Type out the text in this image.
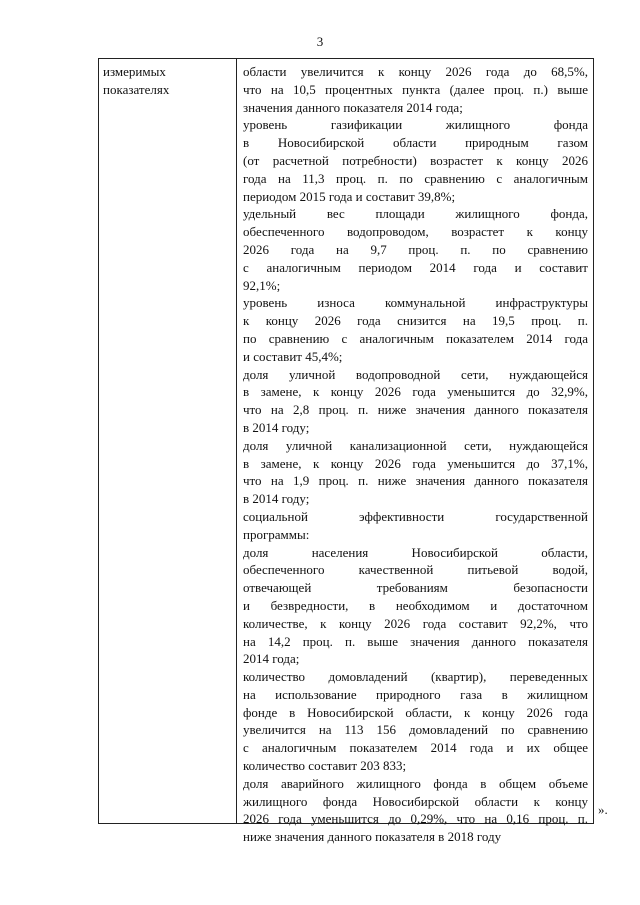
3
измеримых
показателях
области увеличится к концу 2026 года до 68,5%,
что на 10,5 процентных пункта (далее проц. п.) выше
значения данного показателя 2014 года;
уровень газификации жилищного фонда
в Новосибирской области природным газом
(от расчетной потребности) возрастет к концу 2026
года на 11,3 проц. п. по сравнению с аналогичным
периодом 2015 года и составит 39,8%;
удельный вес площади жилищного фонда,
обеспеченного водопроводом, возрастет к концу
2026 года на 9,7 проц. п. по сравнению
с аналогичным периодом 2014 года и составит
92,1%;
уровень износа коммунальной инфраструктуры
к концу 2026 года снизится на 19,5 проц. п.
по сравнению с аналогичным показателем 2014 года
и составит 45,4%;
доля уличной водопроводной сети, нуждающейся
в замене, к концу 2026 года уменьшится до 32,9%,
что на 2,8 проц. п. ниже значения данного показателя
в 2014 году;
доля уличной канализационной сети, нуждающейся
в замене, к концу 2026 года уменьшится до 37,1%,
что на 1,9 проц. п. ниже значения данного показателя
в 2014 году;
социальной эффективности государственной
программы:
доля населения Новосибирской области,
обеспеченного качественной питьевой водой,
отвечающей требованиям безопасности
и безвредности, в необходимом и достаточном
количестве, к концу 2026 года составит 92,2%, что
на 14,2 проц. п. выше значения данного показателя
2014 года;
количество домовладений (квартир), переведенных
на использование природного газа в жилищном
фонде в Новосибирской области, к концу 2026 года
увеличится на 113 156 домовладений по сравнению
с аналогичным показателем 2014 года и их общее
количество составит 203 833;
доля аварийного жилищного фонда в общем объеме
жилищного фонда Новосибирской области к концу
2026 года уменьшится до 0,29%, что на 0,16 проц. п.
ниже значения данного показателя в 2018 году
».
